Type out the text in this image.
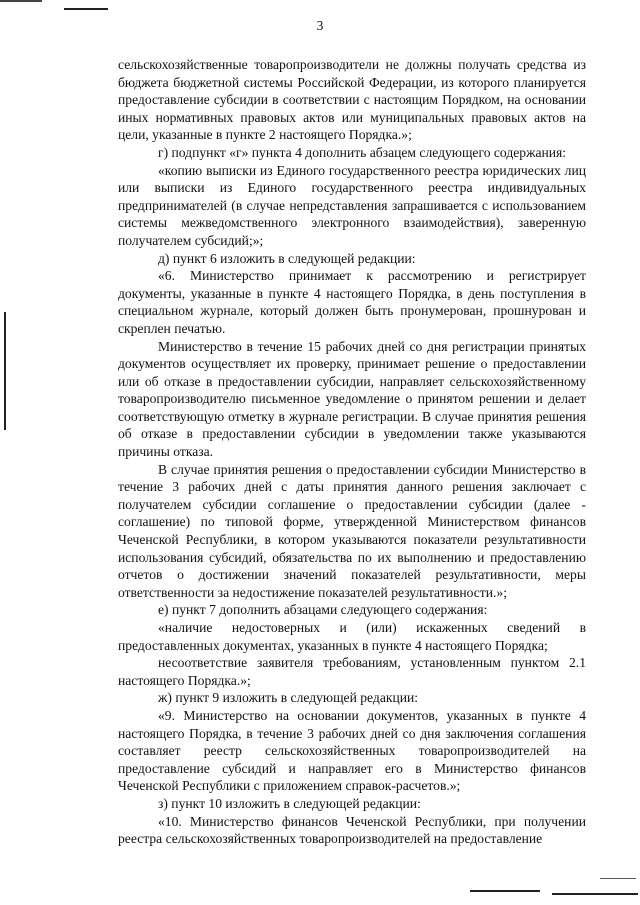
3

сельскохозяйственные товаропроизводители не должны получать средства из бюджета бюджетной системы Российской Федерации, из которого планируется предоставление субсидии в соответствии с настоящим Порядком, на основании иных нормативных правовых актов или муниципальных правовых актов на цели, указанные в пункте 2 настоящего Порядка.»;

г) подпункт «г» пункта 4 дополнить абзацем следующего содержания:

«копию выписки из Единого государственного реестра юридических лиц или выписки из Единого государственного реестра индивидуальных предпринимателей (в случае непредставления запрашивается с использованием системы межведомственного электронного взаимодействия), заверенную получателем субсидий;»;

д) пункт 6 изложить в следующей редакции:

«6. Министерство принимает к рассмотрению и регистрирует документы, указанные в пункте 4 настоящего Порядка, в день поступления в специальном журнале, который должен быть пронумерован, прошнурован и скреплен печатью.

Министерство в течение 15 рабочих дней со дня регистрации принятых документов осуществляет их проверку, принимает решение о предоставлении или об отказе в предоставлении субсидии, направляет сельскохозяйственному товаропроизводителю письменное уведомление о принятом решении и делает соответствующую отметку в журнале регистрации. В случае принятия решения об отказе в предоставлении субсидии в уведомлении также указываются причины отказа.

В случае принятия решения о предоставлении субсидии Министерство в течение 3 рабочих дней с даты принятия данного решения заключает с получателем субсидии соглашение о предоставлении субсидии (далее - соглашение) по типовой форме, утвержденной Министерством финансов Чеченской Республики, в котором указываются показатели результативности использования субсидий, обязательства по их выполнению и предоставлению отчетов о достижении значений показателей результативности, меры ответственности за недостижение показателей результативности.»;

е) пункт 7 дополнить абзацами следующего содержания:

«наличие недостоверных и (или) искаженных сведений в предоставленных документах, указанных в пункте 4 настоящего Порядка;

несоответствие заявителя требованиям, установленным пунктом 2.1 настоящего Порядка.»;

ж) пункт 9 изложить в следующей редакции:

«9. Министерство на основании документов, указанных в пункте 4 настоящего Порядка, в течение 3 рабочих дней со дня заключения соглашения составляет реестр сельскохозяйственных товаропроизводителей на предоставление субсидий и направляет его в Министерство финансов Чеченской Республики с приложением справок-расчетов.»;

з) пункт 10 изложить в следующей редакции:

«10. Министерство финансов Чеченской Республики, при получении реестра сельскохозяйственных товаропроизводителей на предоставление
